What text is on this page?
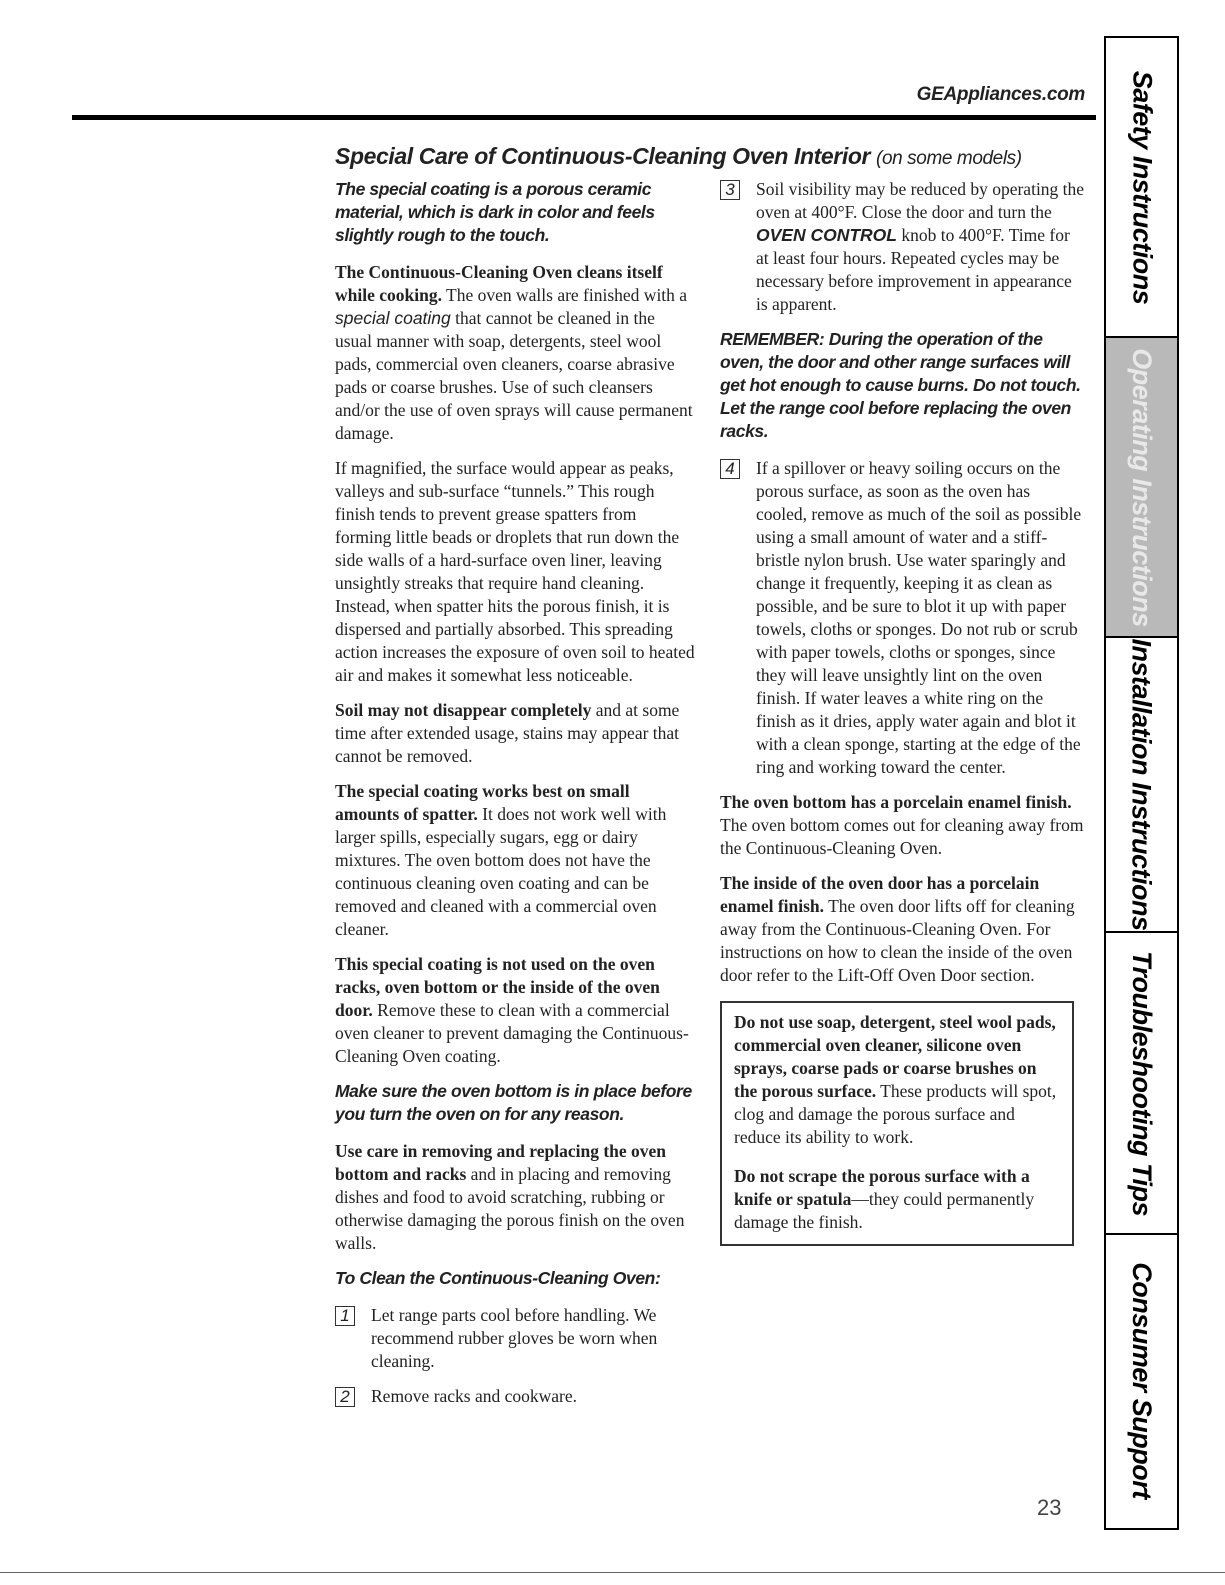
GEAppliances.com
Special Care of Continuous-Cleaning Oven Interior (on some models)

The special coating is a porous ceramic material, which is dark in color and feels slightly rough to the touch.

The Continuous-Cleaning Oven cleans itself while cooking. The oven walls are finished with a special coating that cannot be cleaned in the usual manner with soap, detergents, steel wool pads, commercial oven cleaners, coarse abrasive pads or coarse brushes. Use of such cleansers and/or the use of oven sprays will cause permanent damage.

If magnified, the surface would appear as peaks, valleys and sub-surface “tunnels.” This rough finish tends to prevent grease spatters from forming little beads or droplets that run down the side walls of a hard-surface oven liner, leaving unsightly streaks that require hand cleaning. Instead, when spatter hits the porous finish, it is dispersed and partially absorbed. This spreading action increases the exposure of oven soil to heated air and makes it somewhat less noticeable.

Soil may not disappear completely and at some time after extended usage, stains may appear that cannot be removed.

The special coating works best on small amounts of spatter. It does not work well with larger spills, especially sugars, egg or dairy mixtures. The oven bottom does not have the continuous cleaning oven coating and can be removed and cleaned with a commercial oven cleaner.

This special coating is not used on the oven racks, oven bottom or the inside of the oven door. Remove these to clean with a commercial oven cleaner to prevent damaging the Continuous-Cleaning Oven coating.

Make sure the oven bottom is in place before you turn the oven on for any reason.

Use care in removing and replacing the oven bottom and racks and in placing and removing dishes and food to avoid scratching, rubbing or otherwise damaging the porous finish on the oven walls.

To Clean the Continuous-Cleaning Oven:

1	Let range parts cool before handling. We recommend rubber gloves be worn when cleaning.

2	Remove racks and cookware.

3	Soil visibility may be reduced by operating the oven at 400°F. Close the door and turn the OVEN CONTROL knob to 400°F. Time for at least four hours. Repeated cycles may be necessary before improvement in appearance is apparent.

REMEMBER: During the operation of the oven, the door and other range surfaces will get hot enough to cause burns. Do not touch. Let the range cool before replacing the oven racks.

4	If a spillover or heavy soiling occurs on the porous surface, as soon as the oven has cooled, remove as much of the soil as possible using a small amount of water and a stiff-bristle nylon brush. Use water sparingly and change it frequently, keeping it as clean as possible, and be sure to blot it up with paper towels, cloths or sponges. Do not rub or scrub with paper towels, cloths or sponges, since they will leave unsightly lint on the oven finish. If water leaves a white ring on the finish as it dries, apply water again and blot it with a clean sponge, starting at the edge of the ring and working toward the center.

The oven bottom has a porcelain enamel finish. The oven bottom comes out for cleaning away from the Continuous-Cleaning Oven.

The inside of the oven door has a porcelain enamel finish. The oven door lifts off for cleaning away from the Continuous-Cleaning Oven. For instructions on how to clean the inside of the oven door refer to the Lift-Off Oven Door section.

Do not use soap, detergent, steel wool pads, commercial oven cleaner, silicone oven sprays, coarse pads or coarse brushes on the porous surface. These products will spot, clog and damage the porous surface and reduce its ability to work.

Do not scrape the porous surface with a knife or spatula—they could permanently damage the finish.

Safety Instructions
Operating Instructions
Installation Instructions
Troubleshooting Tips
Consumer Support
23
